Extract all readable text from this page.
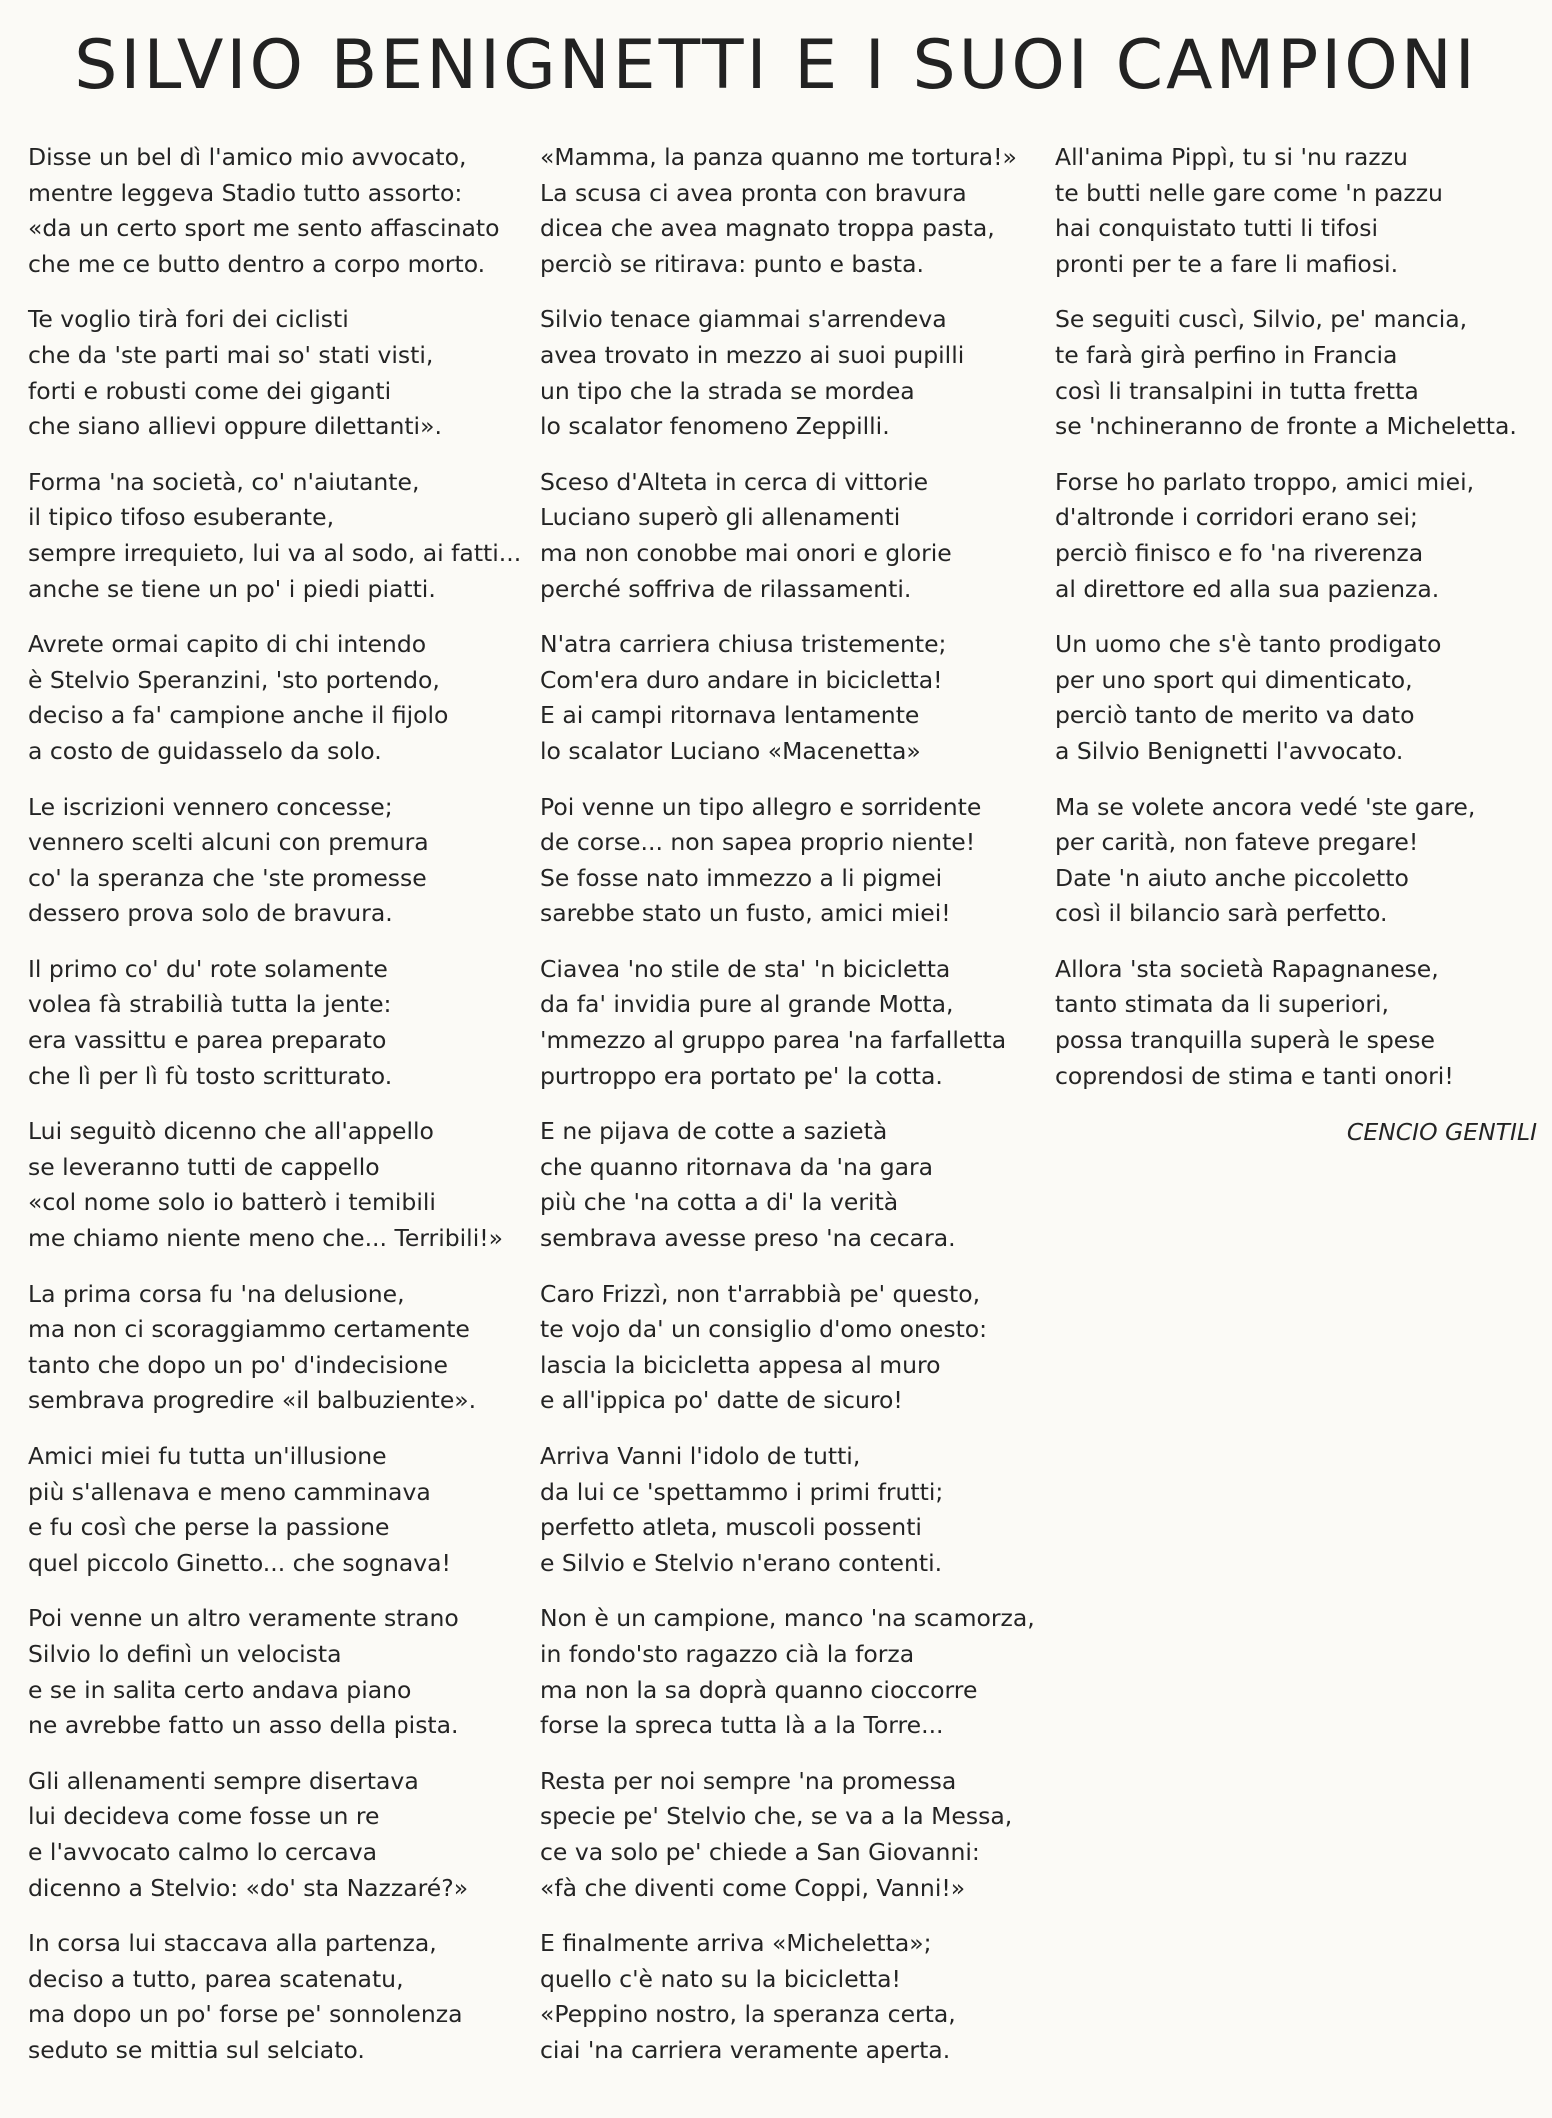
SILVIO BENIGNETTI E I SUOI CAMPIONI
Disse un bel dì l'amico mio avvocato,
mentre leggeva Stadio tutto assorto:
«da un certo sport me sento affascinato
che me ce butto dentro a corpo morto.
Te voglio tirà fori dei ciclisti
che da 'ste parti mai so' stati visti,
forti e robusti come dei giganti
che siano allievi oppure dilettanti».
Forma 'na società, co' n'aiutante,
il tipico tifoso esuberante,
sempre irrequieto, lui va al sodo, ai fatti...
anche se tiene un po' i piedi piatti.
Avrete ormai capito di chi intendo
è Stelvio Speranzini, 'sto portendo,
deciso a fa' campione anche il fijolo
a costo de guidasselo da solo.
Le iscrizioni vennero concesse;
vennero scelti alcuni con premura
co' la speranza che 'ste promesse
dessero prova solo de bravura.
Il primo co' du' rote solamente
volea fà strabilià tutta la jente:
era vassittu e parea preparato
che lì per lì fù tosto scritturato.
Lui seguitò dicenno che all'appello
se leveranno tutti de cappello
«col nome solo io batterò i temibili
me chiamo niente meno che... Terribili!»
La prima corsa fu 'na delusione,
ma non ci scoraggiammo certamente
tanto che dopo un po' d'indecisione
sembrava progredire «il balbuziente».
Amici miei fu tutta un'illusione
più s'allenava e meno camminava
e fu così che perse la passione
quel piccolo Ginetto... che sognava!
Poi venne un altro veramente strano
Silvio lo definì un velocista
e se in salita certo andava piano
ne avrebbe fatto un asso della pista.
Gli allenamenti sempre disertava
lui decideva come fosse un re
e l'avvocato calmo lo cercava
dicenno a Stelvio: «do' sta Nazzaré?»
In corsa lui staccava alla partenza,
deciso a tutto, parea scatenatu,
ma dopo un po' forse pe' sonnolenza
seduto se mittia sul selciato.
«Mamma, la panza quanno me tortura!»
La scusa ci avea pronta con bravura
dicea che avea magnato troppa pasta,
perciò se ritirava: punto e basta.
Silvio tenace giammai s'arrendeva
avea trovato in mezzo ai suoi pupilli
un tipo che la strada se mordea
lo scalator fenomeno Zeppilli.
Sceso d'Alteta in cerca di vittorie
Luciano superò gli allenamenti
ma non conobbe mai onori e glorie
perché soffriva de rilassamenti.
N'atra carriera chiusa tristemente;
Com'era duro andare in bicicletta!
E ai campi ritornava lentamente
lo scalator Luciano «Macenetta»
Poi venne un tipo allegro e sorridente
de corse... non sapea proprio niente!
Se fosse nato immezzo a li pigmei
sarebbe stato un fusto, amici miei!
Ciavea 'no stile de sta' 'n bicicletta
da fa' invidia pure al grande Motta,
'mmezzo al gruppo parea 'na farfalletta
purtroppo era portato pe' la cotta.
E ne pijava de cotte a sazietà
che quanno ritornava da 'na gara
più che 'na cotta a di' la verità
sembrava avesse preso 'na cecara.
Caro Frizzì, non t'arrabbià pe' questo,
te vojo da' un consiglio d'omo onesto:
lascia la bicicletta appesa al muro
e all'ippica po' datte de sicuro!
Arriva Vanni l'idolo de tutti,
da lui ce 'spettammo i primi frutti;
perfetto atleta, muscoli possenti
e Silvio e Stelvio n'erano contenti.
Non è un campione, manco 'na scamorza,
in fondo'sto ragazzo cià la forza
ma non la sa doprà quanno cioccorre
forse la spreca tutta là a la Torre...
Resta per noi sempre 'na promessa
specie pe' Stelvio che, se va a la Messa,
ce va solo pe' chiede a San Giovanni:
«fà che diventi come Coppi, Vanni!»
E finalmente arriva «Micheletta»;
quello c'è nato su la bicicletta!
«Peppino nostro, la speranza certa,
ciai 'na carriera veramente aperta.
All'anima Pippì, tu si 'nu razzu
te butti nelle gare come 'n pazzu
hai conquistato tutti li tifosi
pronti per te a fare li mafiosi.
Se seguiti cuscì, Silvio, pe' mancia,
te farà girà perfino in Francia
così li transalpini in tutta fretta
se 'nchineranno de fronte a Micheletta.
Forse ho parlato troppo, amici miei,
d'altronde i corridori erano sei;
perciò finisco e fo 'na riverenza
al direttore ed alla sua pazienza.
Un uomo che s'è tanto prodigato
per uno sport qui dimenticato,
perciò tanto de merito va dato
a Silvio Benignetti l'avvocato.
Ma se volete ancora vedé 'ste gare,
per carità, non fateve pregare!
Date 'n aiuto anche piccoletto
così il bilancio sarà perfetto.
Allora 'sta società Rapagnanese,
tanto stimata da li superiori,
possa tranquilla superà le spese
coprendosi de stima e tanti onori!
CENCIO GENTILI
